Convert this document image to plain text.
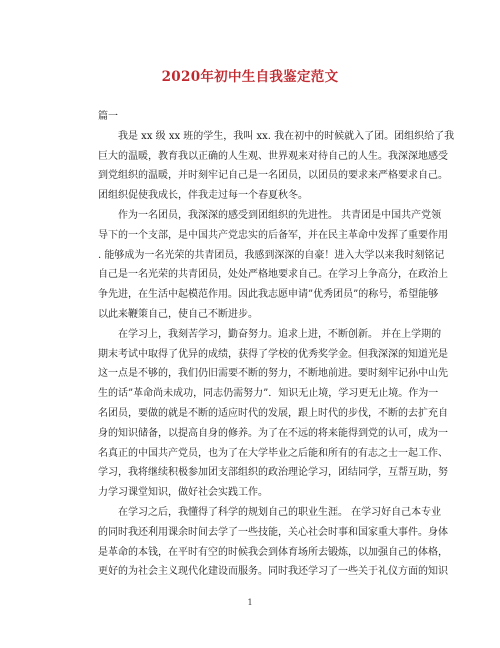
2020年初中生自我鉴定范文
篇一
我是 xx 级 xx 班的学生，我叫 xx. 我在初中的时候就入了团。团组织给了我
巨大的温暖，教育我以正确的人生观、世界观来对待自己的人生。我深深地感受
到党组织的温暖，并时刻牢记自己是一名团员，以团员的要求来严格要求自己。
团组织促使我成长，伴我走过每一个春夏秋冬。
作为一名团员，我深深的感受到团组织的先进性。 共青团是中国共产党领
导下的一个支部，是中国共产党忠实的后备军，并在民主革命中发挥了重要作用
. 能够成为一名光荣的共青团员，我感到深深的自豪！进入大学以来我时刻铭记
自己是一名光荣的共青团员，处处严格地要求自己。在学习上争高分，在政治上
争先进，在生活中起模范作用。因此我志愿申请”优秀团员”的称号，希望能够
以此来鞭策自己，使自己不断进步。
在学习上，我刻苦学习，勤奋努力。追求上进，不断创新。 并在上学期的
期末考试中取得了优异的成绩，获得了学校的优秀奖学金。但我深深的知道光是
这一点是不够的，我们仍旧需要不断的努力，不断地前进。要时刻牢记孙中山先
生的话”革命尚未成功，同志仍需努力”．知识无止境，学习更无止境。作为一
名团员，要做的就是不断的适应时代的发展，跟上时代的步伐，不断的去扩充自
身的知识储备，以提高自身的修养。为了在不远的将来能得到党的认可，成为一
名真正的中国共产党员，也为了在大学毕业之后能和所有的有志之士一起工作、
学习，我将继续积极参加团支部组织的政治理论学习，团结同学，互帮互助，努
力学习课堂知识，做好社会实践工作。
在学习之后，我懂得了科学的规划自己的职业生涯。 在学习好自己本专业
的同时我还利用课余时间去学了一些技能，关心社会时事和国家重大事件。身体
是革命的本钱，在平时有空的时候我会到体育场所去锻炼，以加强自己的体格，
更好的为社会主义现代化建设而服务。同时我还学习了一些关于礼仪方面的知识
1
